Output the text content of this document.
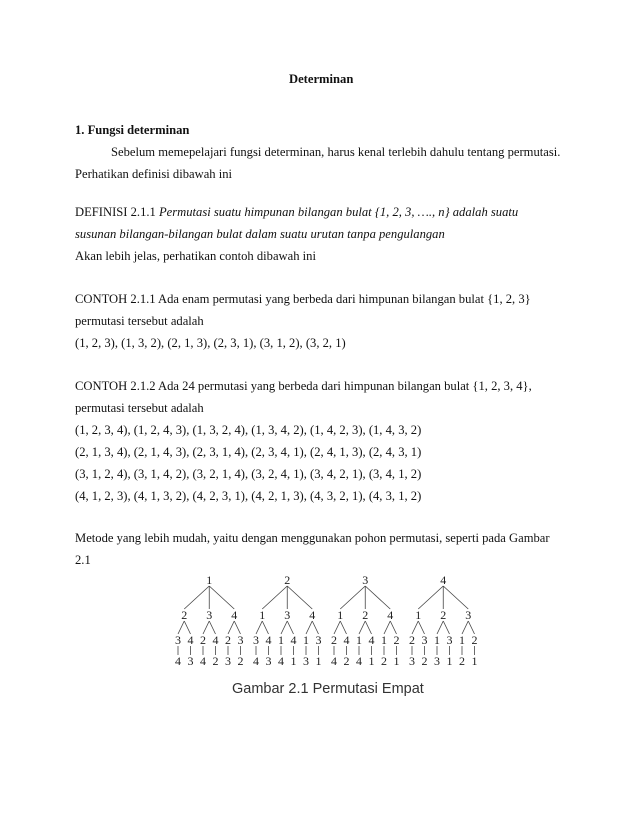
Determinan
1. Fungsi determinan
Sebelum memepelajari fungsi determinan, harus kenal terlebih dahulu tentang permutasi.
Perhatikan definisi dibawah ini
DEFINISI 2.1.1 Permutasi suatu himpunan bilangan bulat {1, 2, 3, …., n} adalah suatu
susunan bilangan-bilangan bulat dalam suatu urutan tanpa pengulangan
Akan lebih jelas, perhatikan contoh dibawah ini
CONTOH 2.1.1 Ada enam permutasi yang berbeda dari himpunan bilangan bulat {1, 2, 3}
permutasi tersebut adalah
(1, 2, 3), (1, 3, 2), (2, 1, 3), (2, 3, 1), (3, 1, 2), (3, 2, 1)
CONTOH 2.1.2 Ada 24 permutasi yang berbeda dari himpunan bilangan bulat {1, 2, 3, 4},
permutasi tersebut adalah
(1, 2, 3, 4), (1, 2, 4, 3), (1, 3, 2, 4), (1, 3, 4, 2), (1, 4, 2, 3), (1, 4, 3, 2)
(2, 1, 3, 4), (2, 1, 4, 3), (2, 3, 1, 4), (2, 3, 4, 1), (2, 4, 1, 3), (2, 4, 3, 1)
(3, 1, 2, 4), (3, 1, 4, 2), (3, 2, 1, 4), (3, 2, 4, 1), (3, 4, 2, 1), (3, 4, 1, 2)
(4, 1, 2, 3), (4, 1, 3, 2), (4, 2, 3, 1), (4, 2, 1, 3), (4, 3, 2, 1), (4, 3, 1, 2)
Metode yang lebih mudah, yaitu dengan menggunakan pohon permutasi, seperti pada Gambar
2.1
1
2 3 4
3 4 2 4 2 3
4 3 4 2 3 2
2
1 3 4
3 4 1 4 1 3
4 3 4 1 3 1
3
1 2 4
2 4 1 4 1 2
4 2 4 1 2 1
4
1 2 3
2 3 1 3 1 2
3 2 3 1 2 1
Gambar 2.1 Permutasi Empat
